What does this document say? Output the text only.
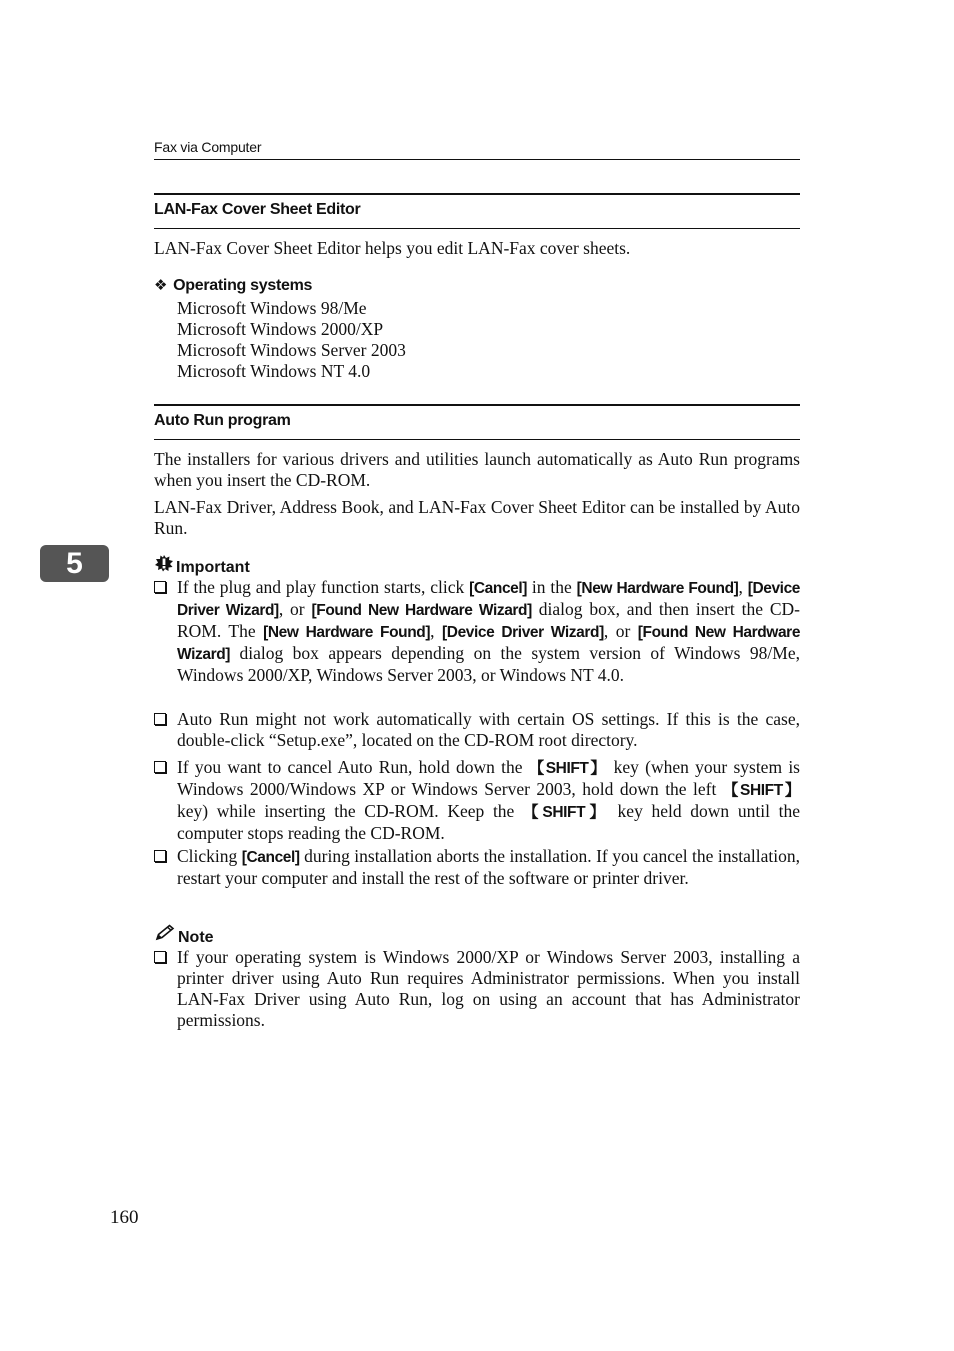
Fax via Computer
LAN-Fax Cover Sheet Editor
LAN-Fax Cover Sheet Editor helps you edit LAN-Fax cover sheets.
❖ Operating systems
Microsoft Windows 98/Me
Microsoft Windows 2000/XP
Microsoft Windows Server 2003
Microsoft Windows NT 4.0
Auto Run program
The installers for various drivers and utilities launch automatically as Auto Run programs when you insert the CD-ROM.
LAN-Fax Driver, Address Book, and LAN-Fax Cover Sheet Editor can be installed by Auto Run.
5	Important
If the plug and play function starts, click [Cancel] in the [New Hardware Found], [Device Driver Wizard], or [Found New Hardware Wizard] dialog box, and then insert the CD-ROM. The [New Hardware Found], [Device Driver Wizard], or [Found New Hardware Wizard] dialog box appears depending on the system version of Windows 98/Me, Windows 2000/XP, Windows Server 2003, or Windows NT 4.0.
Auto Run might not work automatically with certain OS settings. If this is the case, double-click “Setup.exe”, located on the CD-ROM root directory.
If you want to cancel Auto Run, hold down the 【SHIFT】 key (when your system is Windows 2000/Windows XP or Windows Server 2003, hold down the left 【SHIFT】 key) while inserting the CD-ROM. Keep the 【SHIFT】 key held down until the computer stops reading the CD-ROM.
Clicking [Cancel] during installation aborts the installation. If you cancel the installation, restart your computer and install the rest of the software or printer driver.
Note
If your operating system is Windows 2000/XP or Windows Server 2003, installing a printer driver using Auto Run requires Administrator permissions. When you install LAN-Fax Driver using Auto Run, log on using an account that has Administrator permissions.
160
